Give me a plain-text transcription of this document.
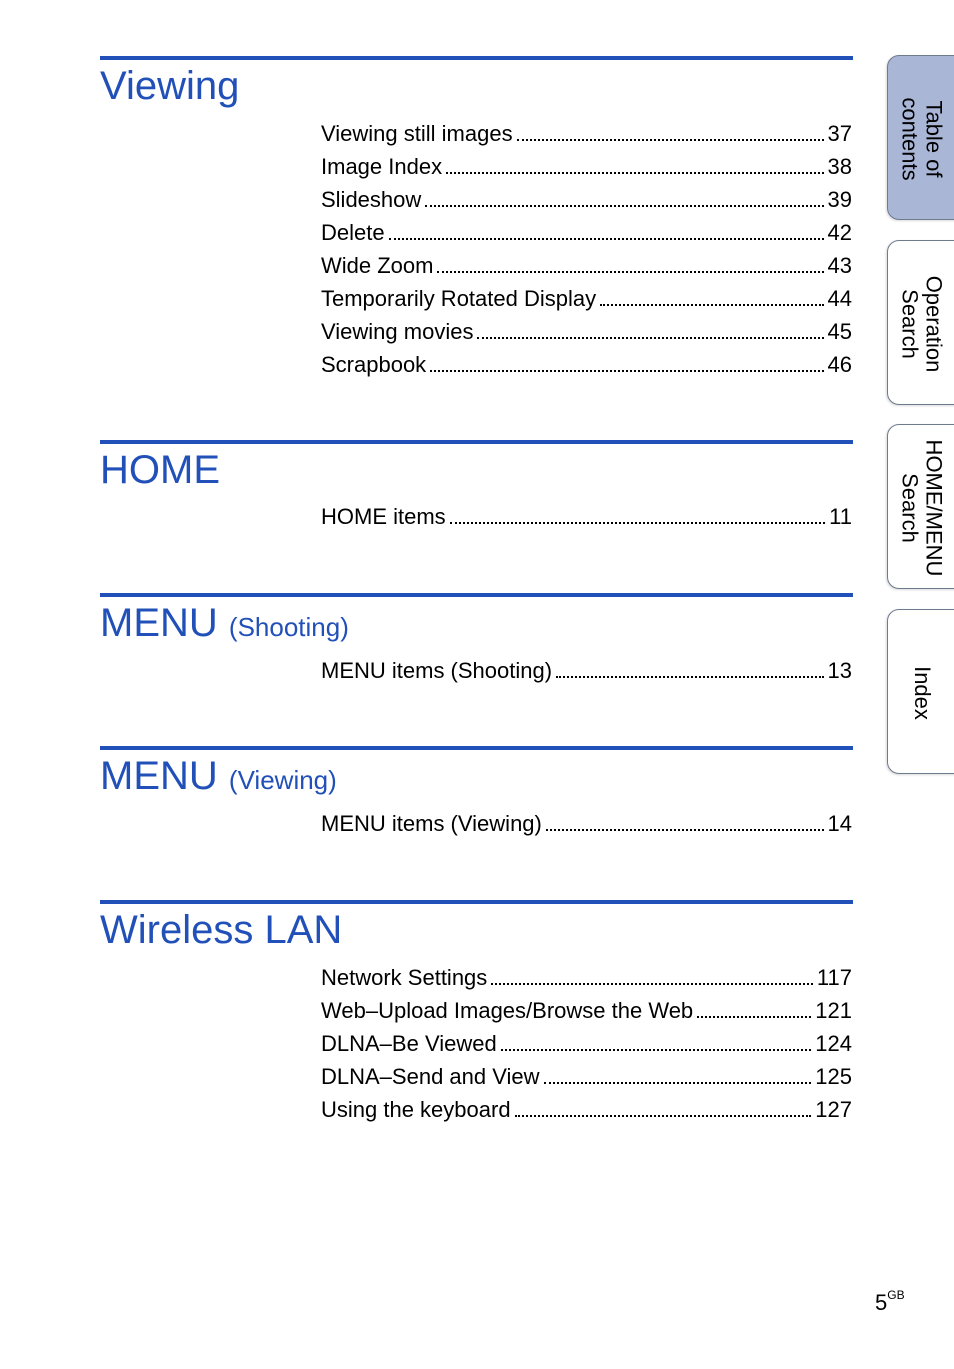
Viewing
Viewing still images	37
Image Index	38
Slideshow	39
Delete	42
Wide Zoom	43
Temporarily Rotated Display	44
Viewing movies	45
Scrapbook	46
HOME
HOME items	11
MENU (Shooting)
MENU items (Shooting)	13
MENU (Viewing)
MENU items (Viewing)	14
Wireless LAN
Network Settings	117
Web–Upload Images/Browse the Web	121
DLNA–Be Viewed	124
DLNA–Send and View	125
Using the keyboard	127
Table of
contents
Operation
Search
HOME/MENU
Search
Index
$5^{GB}$
